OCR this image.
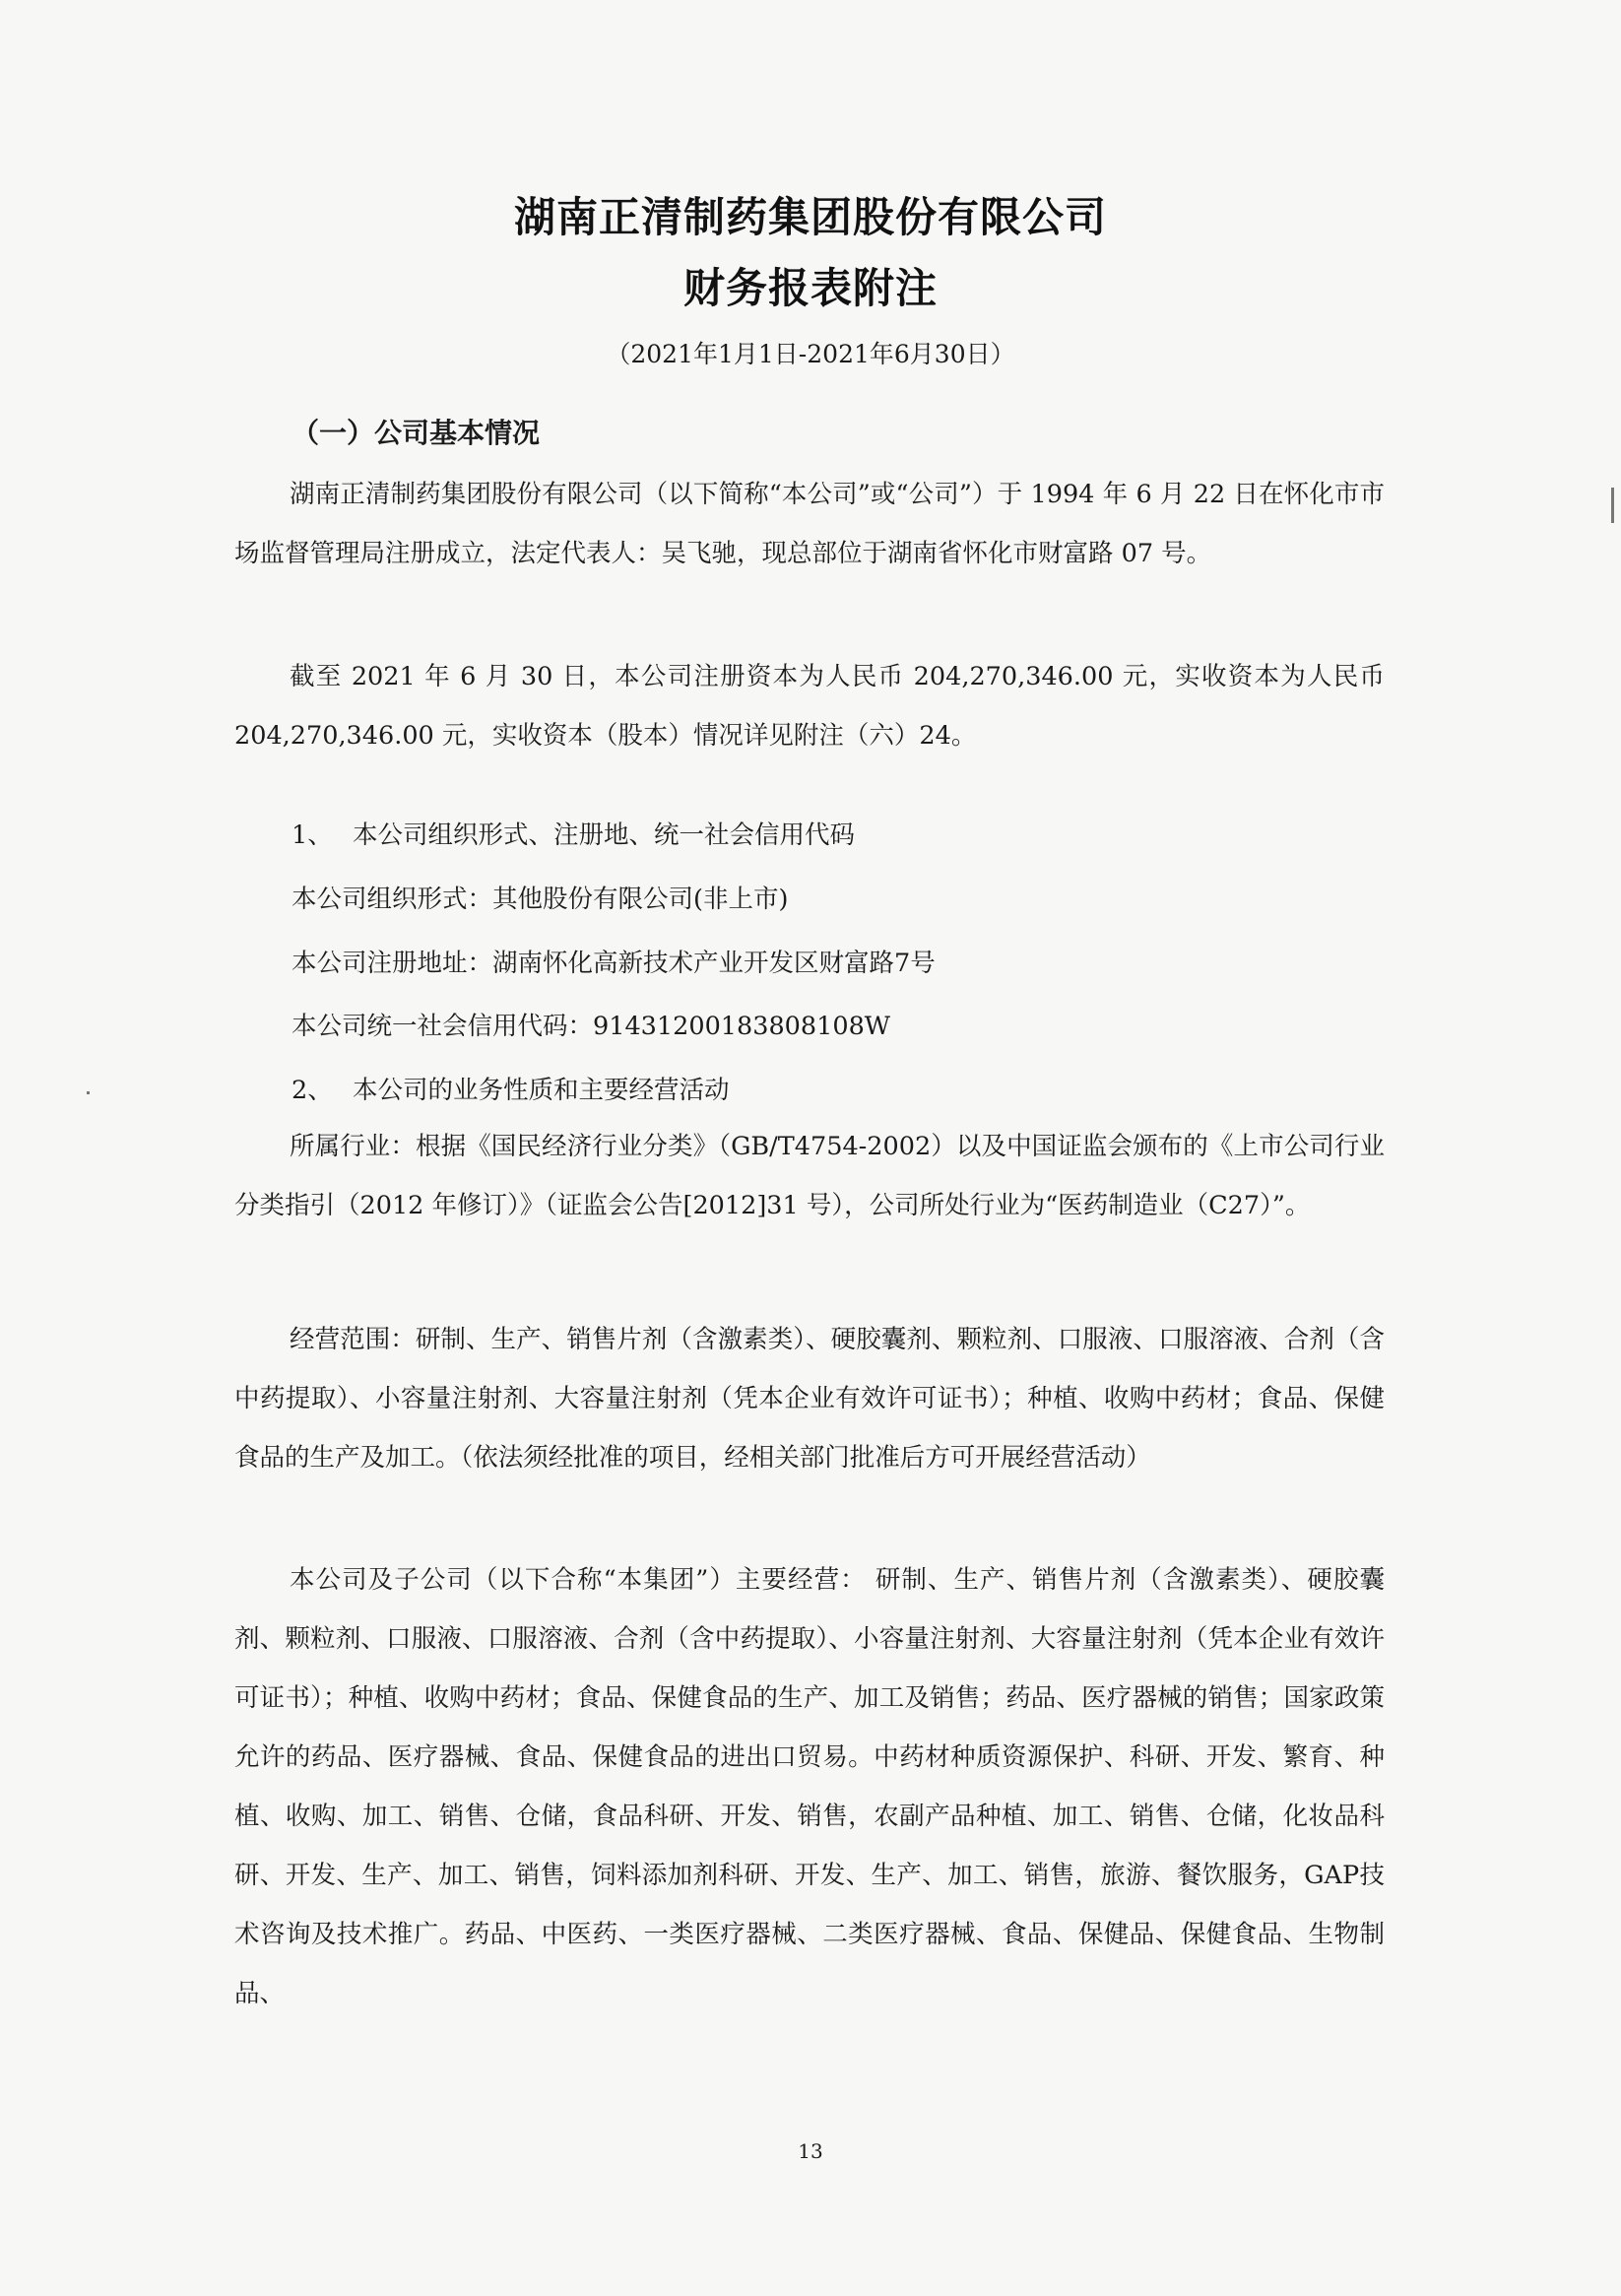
湖南正清制药集团股份有限公司
财务报表附注
（2021年1月1日-2021年6月30日）
（一）公司基本情况

湖南正清制药集团股份有限公司（以下简称“本公司”或“公司”）于 1994 年 6 月 22 日在怀化市市场监督管理局注册成立，法定代表人：吴飞驰，现总部位于湖南省怀化市财富路 07 号。

截至 2021 年 6 月 30 日，本公司注册资本为人民币 204,270,346.00 元，实收资本为人民币 204,270,346.00 元，实收资本（股本）情况详见附注（六）24。

1、 本公司组织形式、注册地、统一社会信用代码
本公司组织形式：其他股份有限公司(非上市)
本公司注册地址：湖南怀化高新技术产业开发区财富路7号
本公司统一社会信用代码：91431200183808108W
2、 本公司的业务性质和主要经营活动

所属行业：根据《国民经济行业分类》（GB/T4754-2002）以及中国证监会颁布的《上市公司行业分类指引（2012 年修订）》（证监会公告[2012]31 号），公司所处行业为“医药制造业（C27）”。

经营范围：研制、生产、销售片剂（含激素类）、硬胶囊剂、颗粒剂、口服液、口服溶液、合剂（含中药提取）、小容量注射剂、大容量注射剂（凭本企业有效许可证书）；种植、收购中药材；食品、保健食品的生产及加工。（依法须经批准的项目，经相关部门批准后方可开展经营活动）

本公司及子公司（以下合称“本集团”）主要经营： 研制、生产、销售片剂（含激素类）、硬胶囊剂、颗粒剂、口服液、口服溶液、合剂（含中药提取）、小容量注射剂、大容量注射剂（凭本企业有效许可证书）；种植、收购中药材；食品、保健食品的生产、加工及销售；药品、医疗器械的销售；国家政策允许的药品、医疗器械、食品、保健食品的进出口贸易。中药材种质资源保护、科研、开发、繁育、种植、收购、加工、销售、仓储，食品科研、开发、销售，农副产品种植、加工、销售、仓储，化妆品科研、开发、生产、加工、销售，饲料添加剂科研、开发、生产、加工、销售，旅游、餐饮服务，GAP技术咨询及技术推广。药品、中医药、一类医疗器械、二类医疗器械、食品、保健品、保健食品、生物制品、

13
